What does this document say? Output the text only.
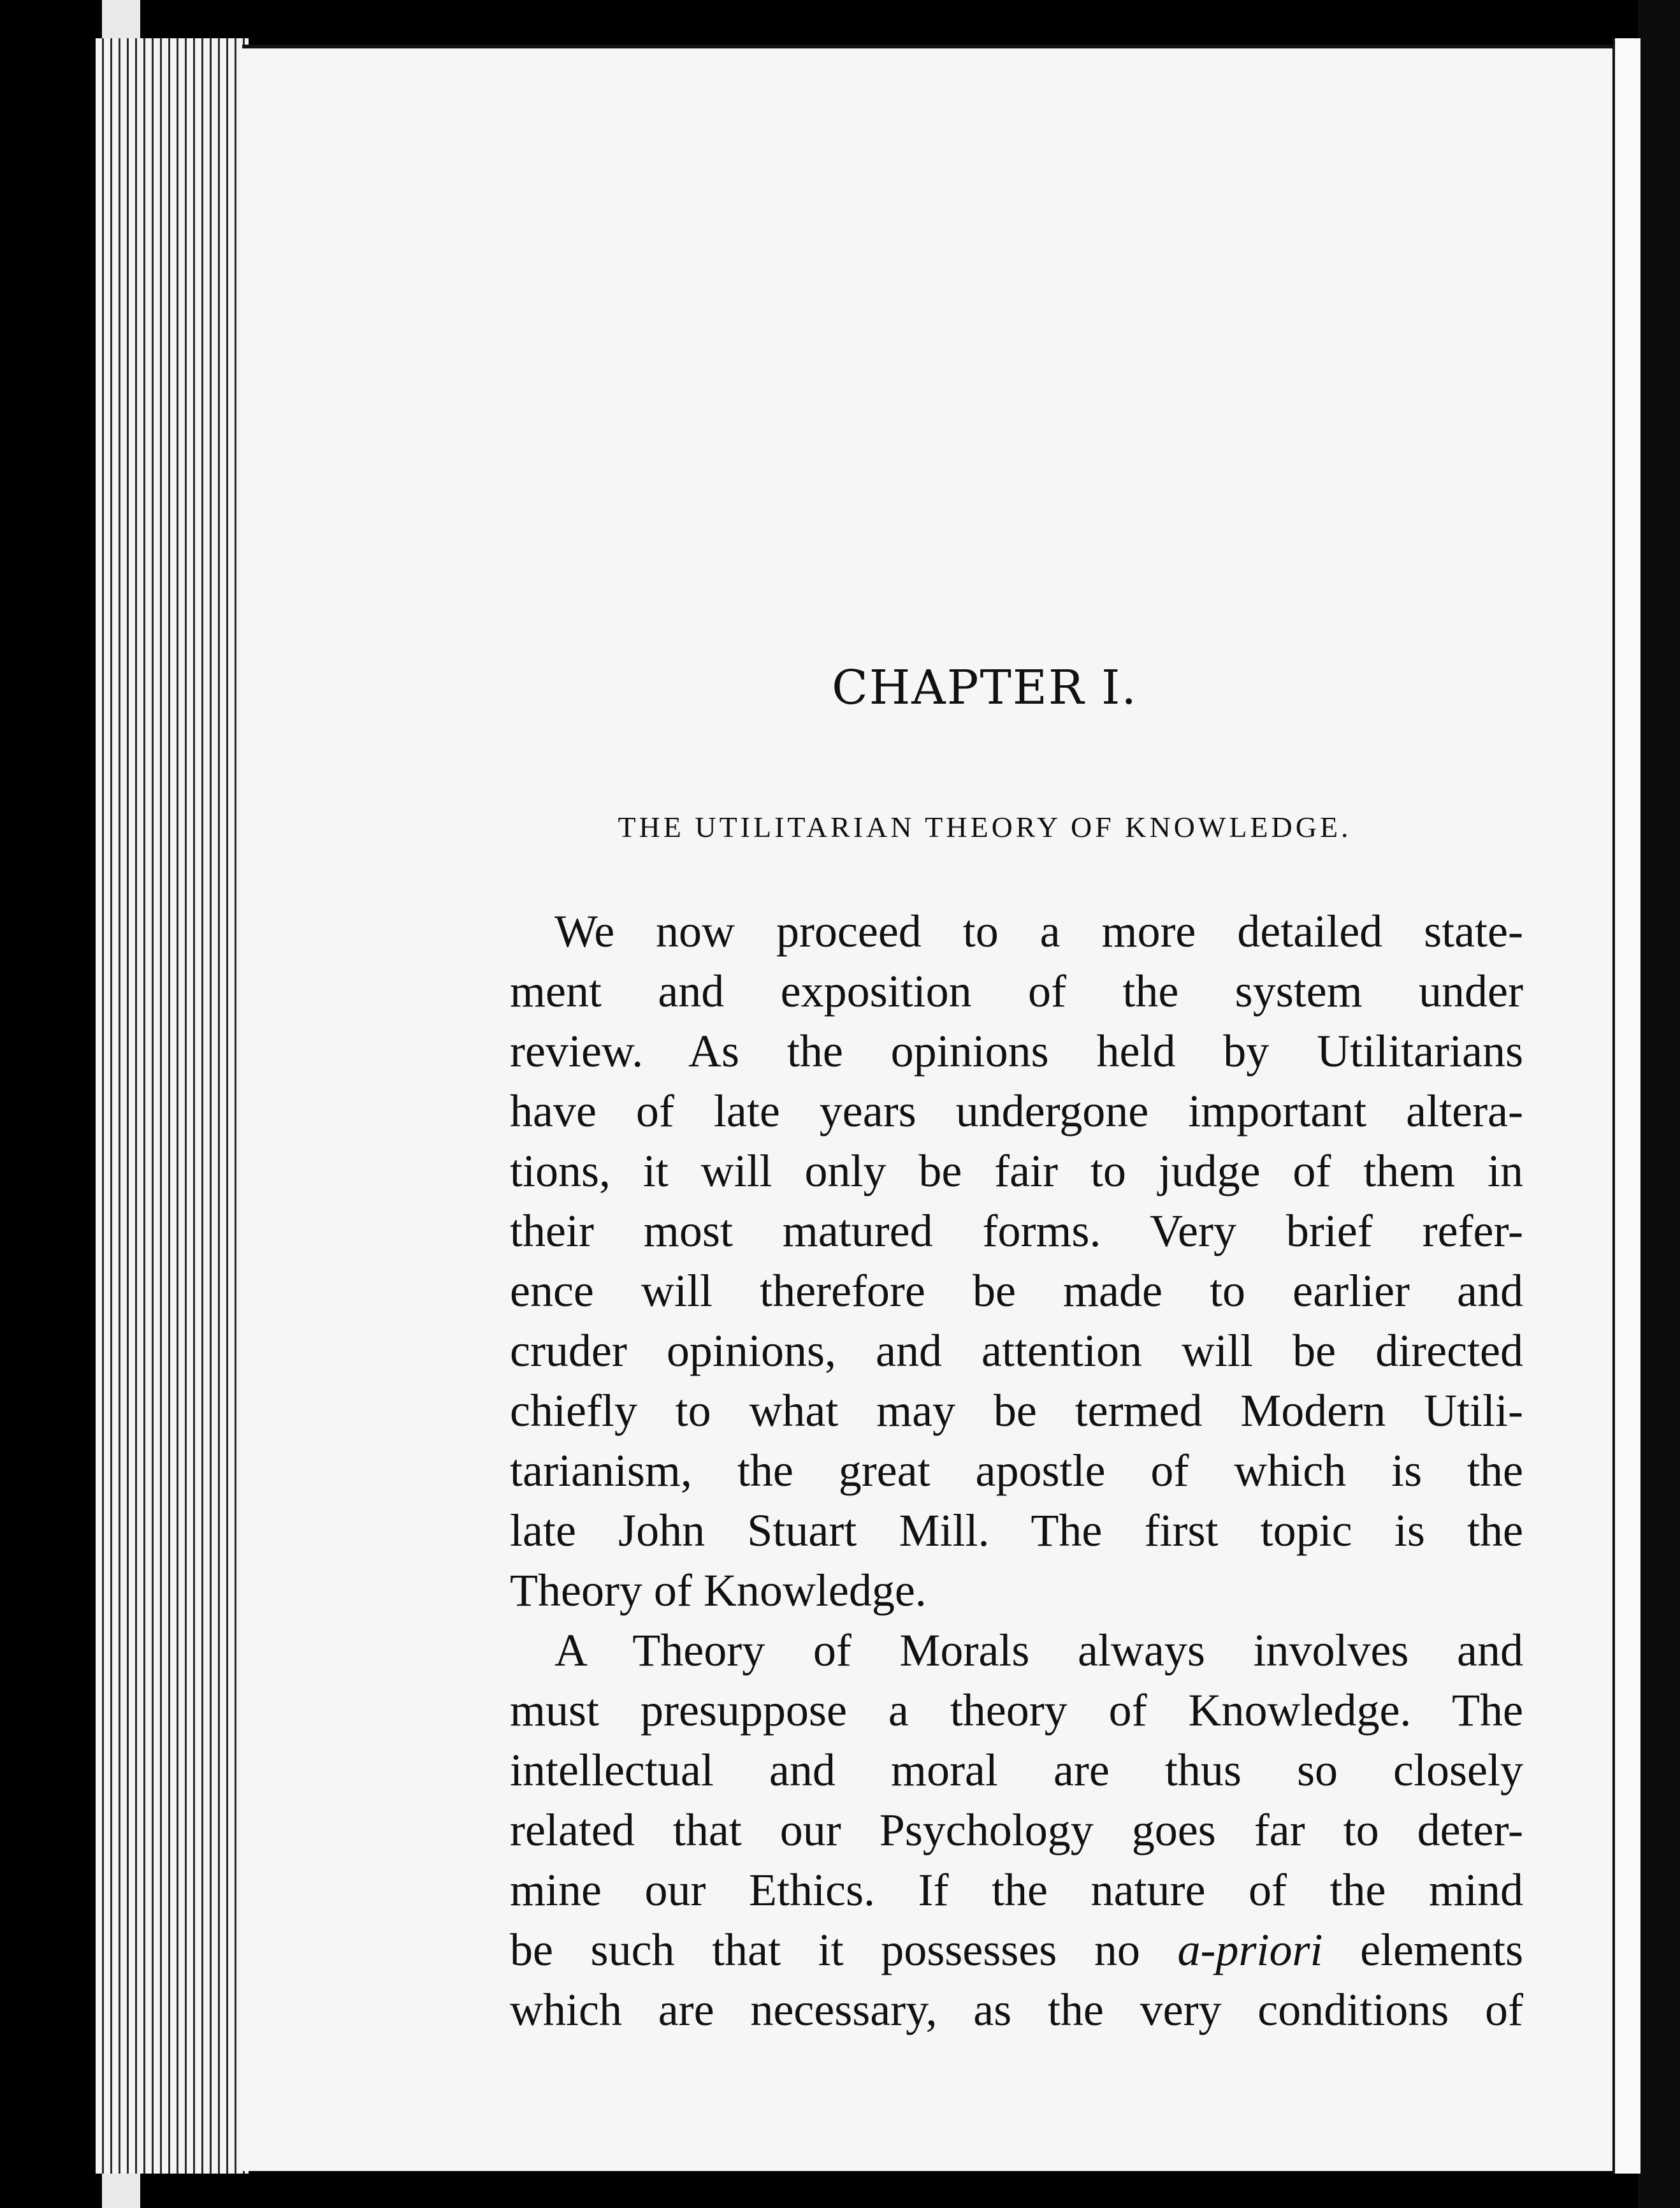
CHAPTER I.
THE UTILITARIAN THEORY OF KNOWLEDGE.
We now proceed to a more detailed state-
ment and exposition of the system under
review. As the opinions held by Utilitarians
have of late years undergone important altera-
tions, it will only be fair to judge of them in
their most matured forms. Very brief refer-
ence will therefore be made to earlier and
cruder opinions, and attention will be directed
chiefly to what may be termed Modern Utili-
tarianism, the great apostle of which is the
late John Stuart Mill. The first topic is the
Theory of Knowledge.
A Theory of Morals always involves and
must presuppose a theory of Knowledge. The
intellectual and moral are thus so closely
related that our Psychology goes far to deter-
mine our Ethics. If the nature of the mind
be such that it possesses no a-priori elements
which are necessary, as the very conditions of
